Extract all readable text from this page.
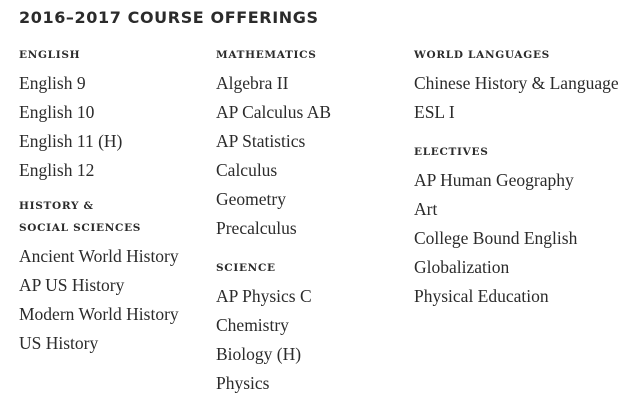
2016–2017 COURSE OFFERINGS
ENGLISH
English 9
English 10
English 11 (H)
English 12
HISTORY &
SOCIAL SCIENCES
Ancient World History
AP US History
Modern World History
US History
MATHEMATICS
Algebra II
AP Calculus AB
AP Statistics
Calculus
Geometry
Precalculus
SCIENCE
AP Physics C
Chemistry
Biology (H)
Physics
WORLD LANGUAGES
Chinese History & Language
ESL I
ELECTIVES
AP Human Geography
Art
College Bound English
Globalization
Physical Education
